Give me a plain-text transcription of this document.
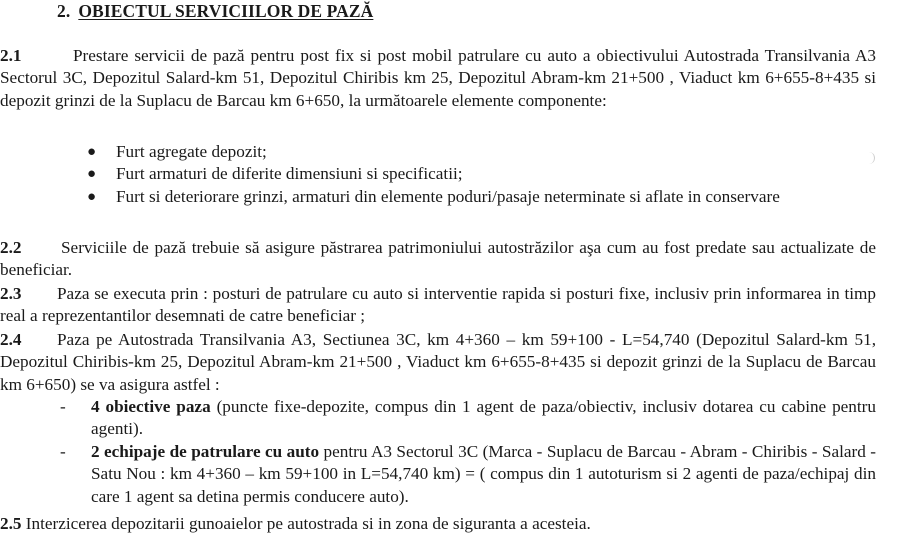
2. OBIECTUL SERVICIILOR DE PAZĂ
2.1	Prestare servicii de pază pentru post fix si post mobil patrulare cu auto a obiectivului Autostrada Transilvania A3 Sectorul 3C, Depozitul Salard-km 51, Depozitul Chiribis km 25, Depozitul Abram-km 21+500 , Viaduct km 6+655-8+435 si depozit grinzi de la Suplacu de Barcau km 6+650, la următoarele elemente componente:
● Furt agregate depozit;
● Furt armaturi de diferite dimensiuni si specificatii;
● Furt si deteriorare grinzi, armaturi din elemente poduri/pasaje neterminate si aflate in conservare
2.2 Serviciile de pază trebuie să asigure păstrarea patrimoniului autostrăzilor aşa cum au fost predate sau actualizate de beneficiar.
2.3 Paza se executa prin : posturi de patrulare cu auto si interventie rapida si posturi fixe, inclusiv prin informarea in timp real a reprezentantilor desemnati de catre beneficiar ;
2.4 Paza pe Autostrada Transilvania A3, Sectiunea 3C, km 4+360 – km 59+100 - L=54,740 (Depozitul Salard-km 51, Depozitul Chiribis-km 25, Depozitul Abram-km 21+500 , Viaduct km 6+655-8+435 si depozit grinzi de la Suplacu de Barcau km 6+650) se va asigura astfel :
- 4 obiective paza (puncte fixe-depozite, compus din 1 agent de paza/obiectiv, inclusiv dotarea cu cabine pentru agenti).
- 2 echipaje de patrulare cu auto pentru A3 Sectorul 3C (Marca - Suplacu de Barcau - Abram - Chiribis - Salard - Satu Nou : km 4+360 – km 59+100 in L=54,740 km) = ( compus din 1 autoturism si 2 agenti de paza/echipaj din care 1 agent sa detina permis conducere auto).
2.5 Interzicerea depozitarii gunoaielor pe autostrada si in zona de siguranta a acesteia.
